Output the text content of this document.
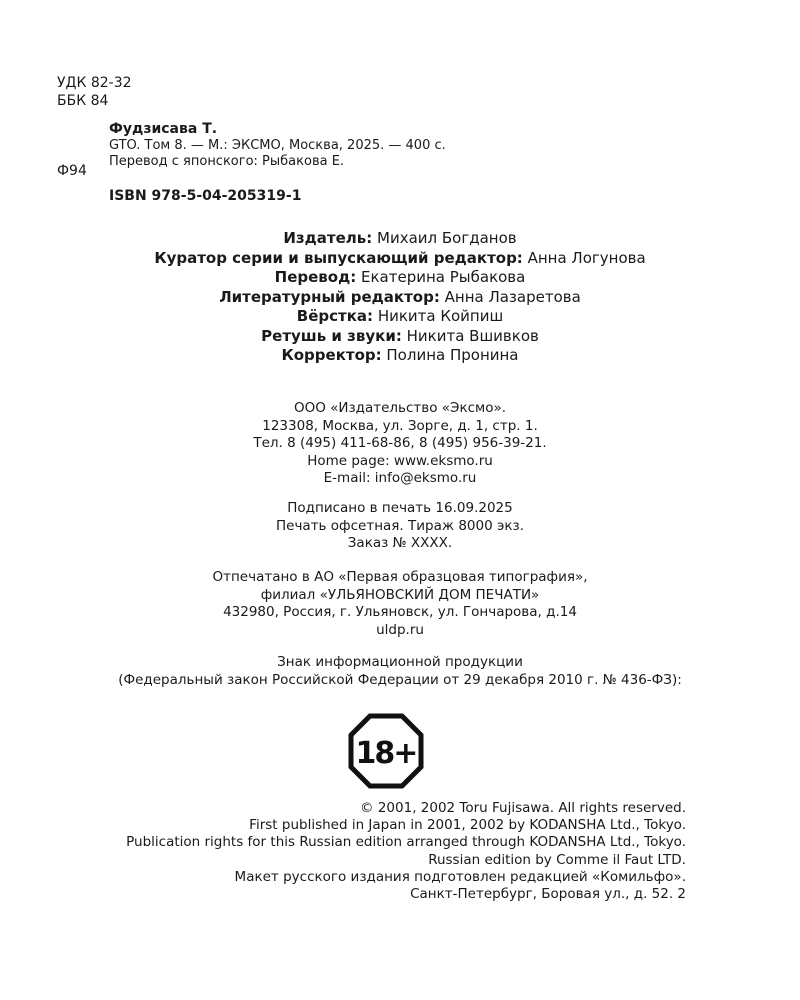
УДК 82-32
ББК 84
Ф94
Фудзисава Т.
GTO. Том 8. — М.: ЭКСМО, Москва, 2025. — 400 с.
Перевод с японского: Рыбакова Е.
ISBN 978-5-04-205319-1
Издатель: Михаил Богданов
Куратор серии и выпускающий редактор: Анна Логунова
Перевод: Екатерина Рыбакова
Литературный редактор: Анна Лазаретова
Вёрстка: Никита Койпиш
Ретушь и звуки: Никита Вшивков
Корректор: Полина Пронина
ООО «Издательство «Эксмо».
123308, Москва, ул. Зорге, д. 1, стр. 1.
Тел. 8 (495) 411-68-86, 8 (495) 956-39-21.
Home page: www.eksmo.ru
E-mail: info@eksmo.ru
Подписано в печать 16.09.2025
Печать офсетная. Тираж 8000 экз.
Заказ № XXXX.
Отпечатано в АО «Первая образцовая типография»,
филиал «УЛЬЯНОВСКИЙ ДОМ ПЕЧАТИ»
432980, Россия, г. Ульяновск, ул. Гончарова, д.14
uldp.ru
Знак информационной продукции
(Федеральный закон Российской Федерации от 29 декабря 2010 г. № 436-ФЗ):
18+
© 2001, 2002 Toru Fujisawa. All rights reserved.
First published in Japan in 2001, 2002 by KODANSHA Ltd., Tokyo.
Publication rights for this Russian edition arranged through KODANSHA Ltd., Tokyo.
Russian edition by Comme il Faut LTD.
Макет русского издания подготовлен редакцией «Комильфо».
Санкт-Петербург, Боровая ул., д. 52. 2
